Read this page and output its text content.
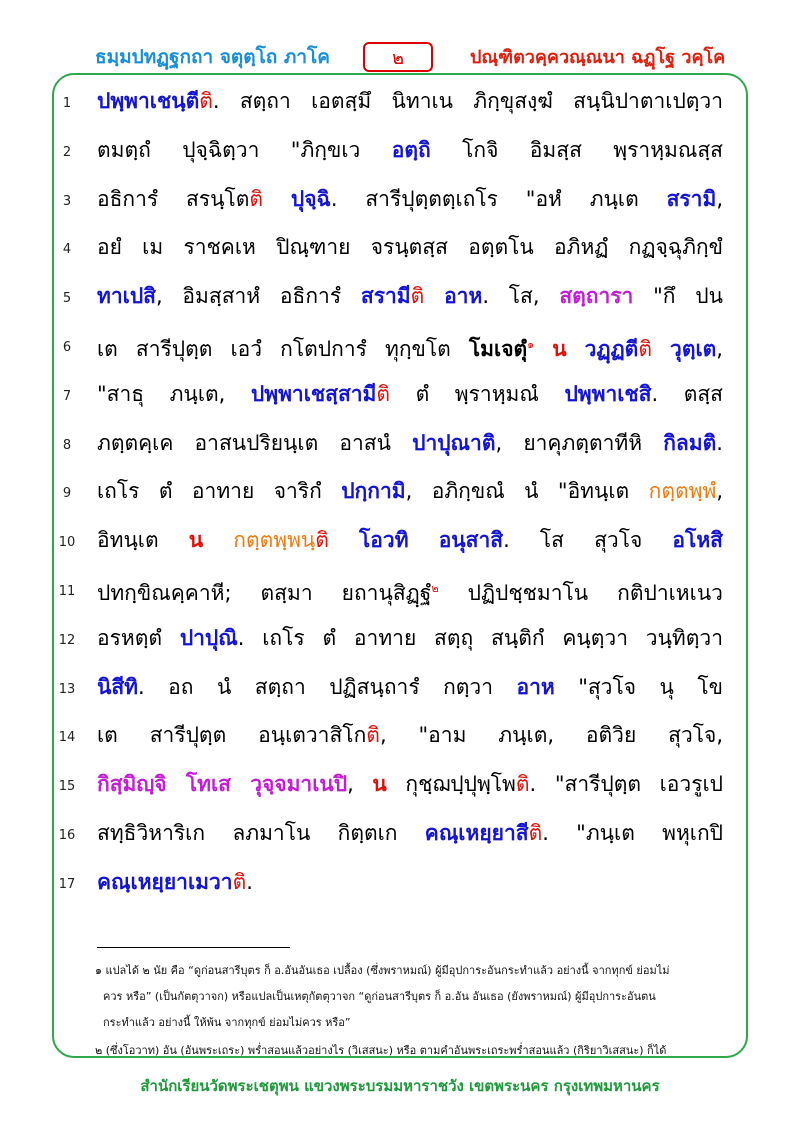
ธมฺมปทฏฺฐกถา จตุตฺโถ ภาโค	๒	ปณฺฑิตวคฺควณฺณนา ฉฏฺโฐ วคฺโค
1	ปพฺพาเชนฺตีติ. สตฺถา เอตสฺมึ นิทาเน ภิกฺขุสงฺฆํ สนฺนิปาตาเปตฺวา
2	ตมตฺถํ ปุจฺฉิตฺวา "ภิกฺขเว อตฺถิ โกจิ อิมสฺส พฺราหฺมณสฺส
3	อธิการํ สรนฺโตติ ปุจฺฉิ. สารีปุตฺตตฺเถโร "อหํ ภนฺเต สรามิ,
4	อยํ เม ราชคเห ปิณฺฑาย จรนฺตสฺส อตฺตโน อภิหฏํ กฏจฺฉุภิกฺขํ
5	ทาเปสิ, อิมสฺสาหํ อธิการํ สรามีติ อาห. โส, สตฺถารา "กึ ปน
6	เต สารีปุตฺต เอวํ กโตปการํ ทุกฺขโต โมเจตุํ$^๑$ น วฏฺฏตีติ วุตฺเต,
7	"สาธุ ภนฺเต, ปพฺพาเชสฺสามีติ ตํ พฺราหฺมณํ ปพฺพาเชสิ. ตสฺส
8	ภตฺตคฺเค อาสนปริยนฺเต อาสนํ ปาปุณาติ, ยาคุภตฺตาทีหิ กิลมติ.
9	เถโร ตํ อาทาย จาริกํ ปกฺกามิ, อภิกฺขณํ นํ "อิทนฺเต กตฺตพฺพํ,
10	อิทนฺเต น กตฺตพฺพนฺติ โอวทิ อนุสาสิ. โส สุวโจ อโหสิ
11	ปทกฺขิณคฺคาหี; ตสฺมา ยถานุสิฏฺฐํ$^๒$ ปฏิปชฺชมาโน กติปาเหเนว
12	อรหตฺตํ ปาปุณิ. เถโร ตํ อาทาย สตฺถุ สนฺติกํ คนฺตฺวา วนฺทิตฺวา
13	นิสีทิ. อถ นํ สตฺถา ปฏิสนฺถารํ กตฺวา อาห "สุวโจ นุ โข
14	เต สารีปุตฺต อนฺเตวาสิโกติ, "อาม ภนฺเต, อติวิย สุวโจ,
15	กิสฺมิญฺจิ โทเส วุจฺจมาเนปิ, น กุชฺฌปฺปุพฺโพติ. "สารีปุตฺต เอวรูเป
16	สทฺธิวิหาริเก ลภมาโน กิตฺตเก คณฺเหยฺยาสีติ. "ภนฺเต พหุเกปิ
17	คณฺเหยฺยาเมวาติ.
๑ แปลได้ ๒ นัย คือ “ดูก่อนสารีบุตร ก็ อ.อันอันเธอ เปลื้อง (ซึ่งพราหมณ์) ผู้มีอุปการะอันกระทำแล้ว อย่างนี้ จากทุกข์ ย่อมไม่
ควร หรือ” (เป็นกัตตุวาจก) หรือแปลเป็นเหตุกัตตุวาจก “ดูก่อนสารีบุตร ก็ อ.อัน อันเธอ (ยังพราหมณ์) ผู้มีอุปการะอันตน
กระทำแล้ว อย่างนี้ ให้พ้น จากทุกข์ ย่อมไม่ควร หรือ”
๒ (ซึ่งโอวาท) อัน (อันพระเถระ) พร่ำสอนแล้วอย่างไร (วิเสสนะ) หรือ ตามคำอันพระเถระพร่ำสอนแล้ว (กิริยาวิเสสนะ) ก็ได้
สำนักเรียนวัดพระเชตุพน แขวงพระบรมมหาราชวัง เขตพระนคร กรุงเทพมหานคร
